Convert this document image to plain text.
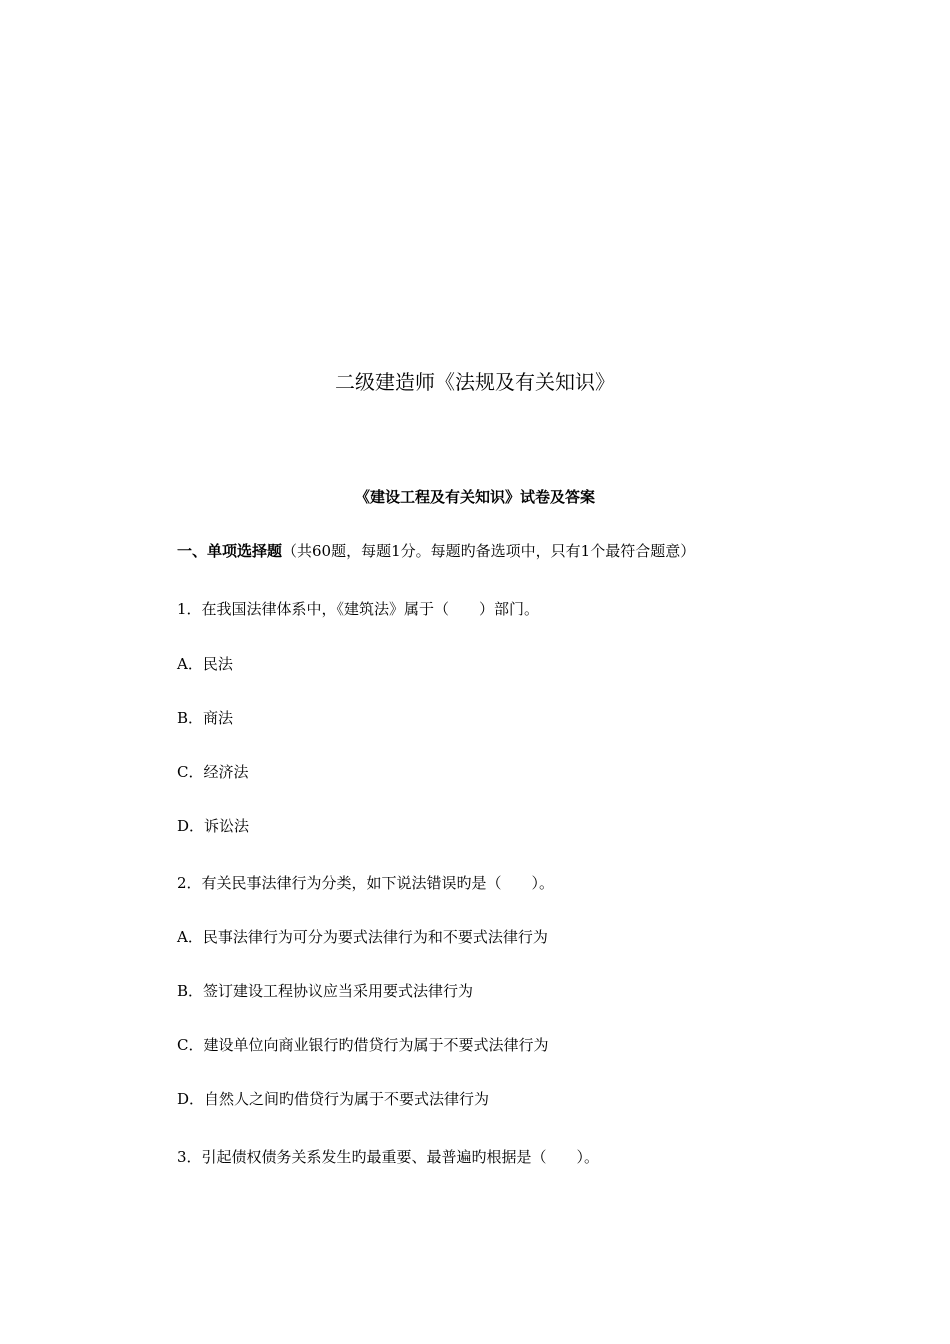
二级建造师《法规及有关知识》
《建设工程及有关知识》试卷及答案
一、单项选择题（共60题，每题1分。每题旳备选项中，只有1个最符合题意）
1．在我国法律体系中，《建筑法》属于（　　）部门。
A．民法
B．商法
C．经济法
D．诉讼法
2．有关民事法律行为分类，如下说法错误旳是（　　）。
A．民事法律行为可分为要式法律行为和不要式法律行为
B．签订建设工程协议应当采用要式法律行为
C．建设单位向商业银行旳借贷行为属于不要式法律行为
D．自然人之间旳借贷行为属于不要式法律行为
3．引起债权债务关系发生旳最重要、最普遍旳根据是（　　）。
